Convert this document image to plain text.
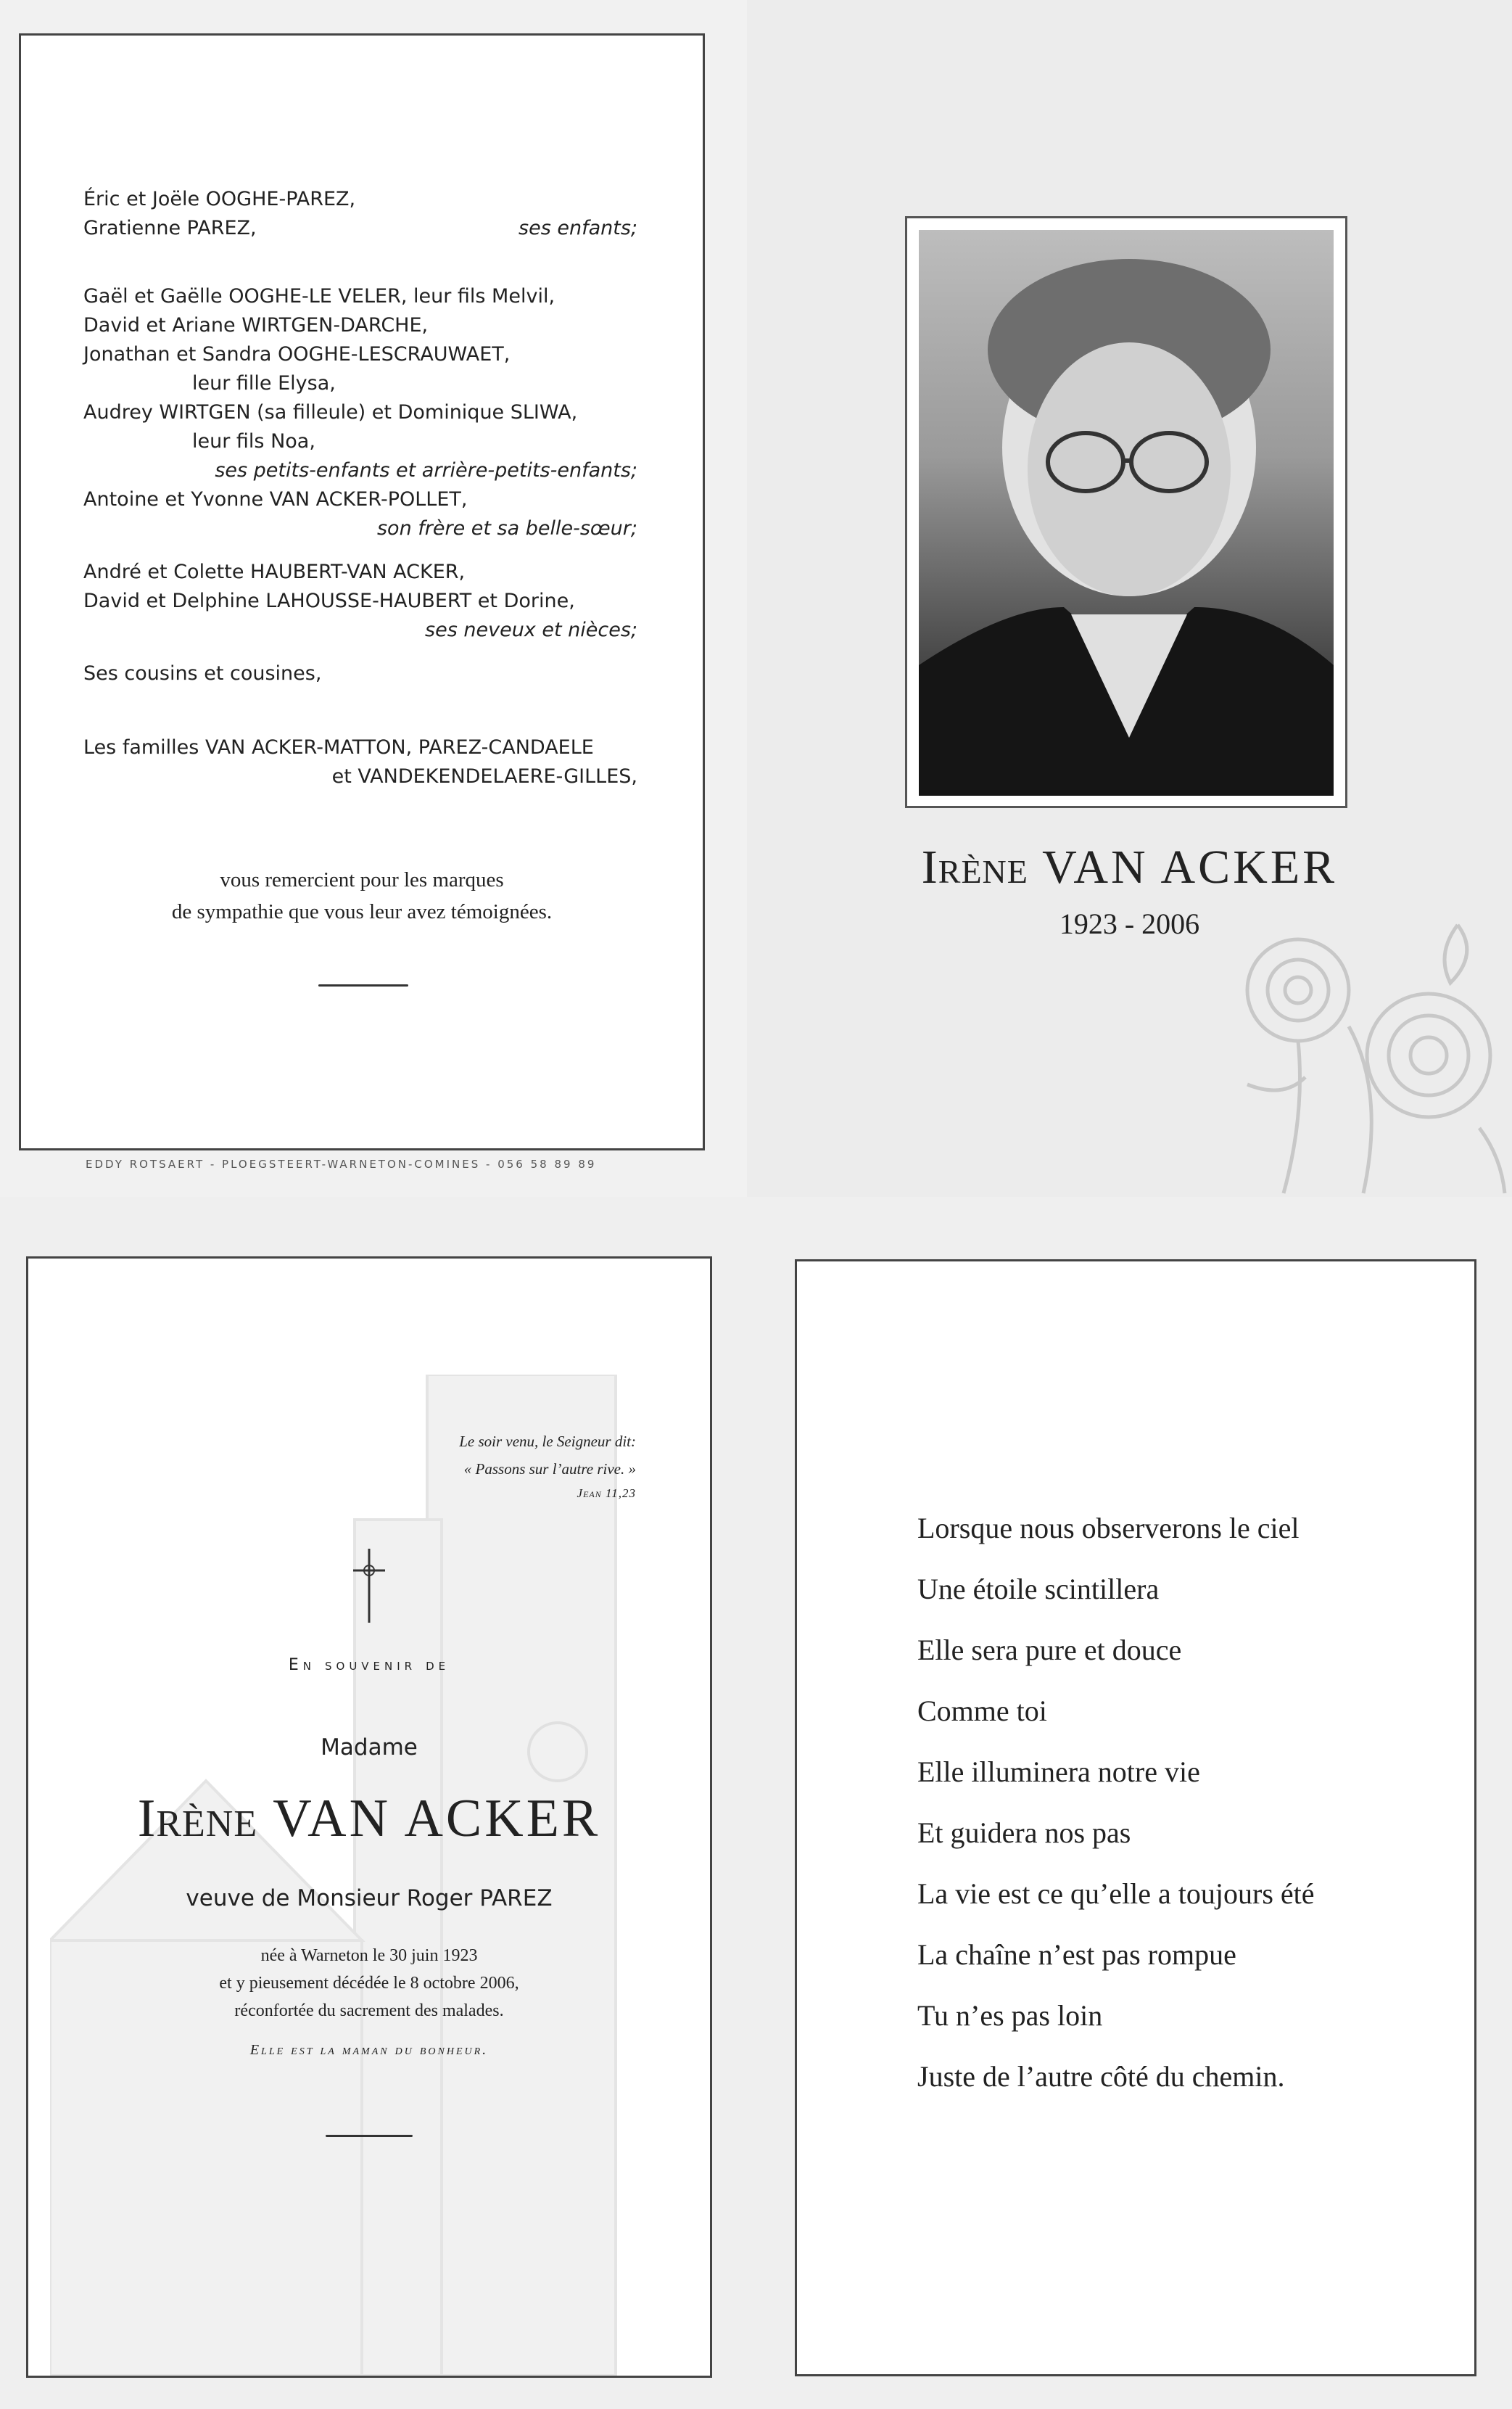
Éric et Joële OOGHE-PAREZ,
Gratienne PAREZ,	ses enfants;
Gaël et Gaëlle OOGHE-LE VELER, leur fils Melvil,
David et Ariane WIRTGEN-DARCHE,
Jonathan et Sandra OOGHE-LESCRAUWAET,
leur fille Elysa,
Audrey WIRTGEN (sa filleule) et Dominique SLIWA,
leur fils Noa,
ses petits-enfants et arrière-petits-enfants;
Antoine et Yvonne VAN ACKER-POLLET,
son frère et sa belle-sœur;
André et Colette HAUBERT-VAN ACKER,
David et Delphine LAHOUSSE-HAUBERT et Dorine,
ses neveux et nièces;
Ses cousins et cousines,
Les familles VAN ACKER-MATTON, PAREZ-CANDAELE
et VANDEKENDELAERE-GILLES,
vous remercient pour les marques
de sympathie que vous leur avez témoignées.
EDDY ROTSAERT - PLOEGSTEERT-WARNETON-COMINES - 056 58 89 89
Irène VAN ACKER
1923 - 2006
Le soir venu, le Seigneur dit:
« Passons sur l’autre rive. »
Jean 11,23
En souvenir de
Madame
Irène VAN ACKER
veuve de Monsieur Roger PAREZ
née à Warneton le 30 juin 1923
et y pieusement décédée le 8 octobre 2006,
réconfortée du sacrement des malades.
Elle est la maman du bonheur.
Lorsque nous observerons le ciel
Une étoile scintillera
Elle sera pure et douce
Comme toi
Elle illuminera notre vie
Et guidera nos pas
La vie est ce qu’elle a toujours été
La chaîne n’est pas rompue
Tu n’es pas loin
Juste de l’autre côté du chemin.
